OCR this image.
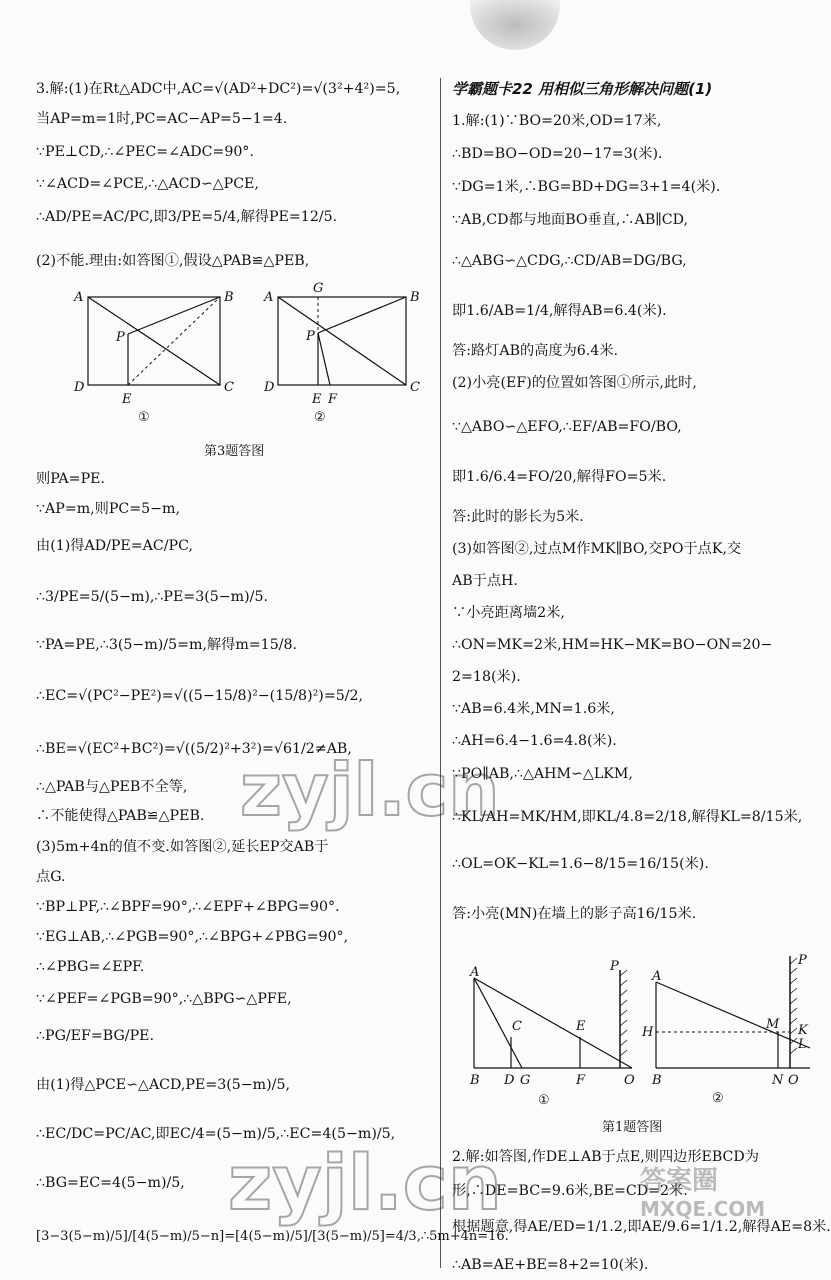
3.解:(1)在Rt△ADC中,AC=√(AD²+DC²)=√(3²+4²)=5,
当AP=m=1时,PC=AC−AP=5−1=4.
∵PE⊥CD,∴∠PEC=∠ADC=90°.
∵∠ACD=∠PCE,∴△ACD∽△PCE,
∴AD/PE=AC/PC,即3/PE=5/4,解得PE=12/5.
(2)不能.理由:如答图①,假设△PAB≌△PEB,
A	B
P
D	C
E
①
G
A	B
P
D	C
E F
②
第3题答图
则PA=PE.
∵AP=m,则PC=5−m,
由(1)得AD/PE=AC/PC,
∴3/PE=5/(5−m),∴PE=3(5−m)/5.
∵PA=PE,∴3(5−m)/5=m,解得m=15/8.
∴EC=√(PC²−PE²)=√((5−15/8)²−(15/8)²)=5/2,
∴BE=√(EC²+BC²)=√((5/2)²+3²)=√61/2≠AB,
∴△PAB与△PEB不全等,
∴不能使得△PAB≌△PEB.
(3)5m+4n的值不变.如答图②,延长EP交AB于
点G.
∵BP⊥PF,∴∠BPF=90°,∴∠EPF+∠BPG=90°.
∵EG⊥AB,∴∠PGB=90°,∴∠BPG+∠PBG=90°,
∴∠PBG=∠EPF.
∵∠PEF=∠PGB=90°,∴△BPG∽△PFE,
∴PG/EF=BG/PE.
由(1)得△PCE∽△ACD,PE=3(5−m)/5,
∴EC/DC=PC/AC,即EC/4=(5−m)/5,∴EC=4(5−m)/5,
∴BG=EC=4(5−m)/5,
[3−3(5−m)/5]/[4(5−m)/5−n]=[4(5−m)/5]/[3(5−m)/5]=4/3,∴5m+4n=16.
学霸题卡22 用相似三角形解决问题(1)
1.解:(1)∵BO=20米,OD=17米,
∴BD=BO−OD=20−17=3(米).
∵DG=1米,∴BG=BD+DG=3+1=4(米).
∵AB,CD都与地面BO垂直,∴AB∥CD,
∴△ABG∽△CDG,∴CD/AB=DG/BG,
即1.6/AB=1/4,解得AB=6.4(米).
答:路灯AB的高度为6.4米.
(2)小亮(EF)的位置如答图①所示,此时,
∵△ABO∽△EFO,∴EF/AB=FO/BO,
即1.6/6.4=FO/20,解得FO=5米.
答:此时的影长为5米.
(3)如答图②,过点M作MK∥BO,交PO于点K,交
AB于点H.
∵小亮距离墙2米,
∴ON=MK=2米,HM=HK−MK=BO−ON=20−
2=18(米).
∵AB=6.4米,MN=1.6米,
∴AH=6.4−1.6=4.8(米).
∵PO∥AB,∴△AHM∽△LKM,
∴KL/AH=MK/HM,即KL/4.8=2/18,解得KL=8/15米,
∴OL=OK−KL=1.6−8/15=16/15(米).
答:小亮(MN)在墙上的影子高16/15米.
A	P
C	E
B D G	F	O
①
A
P
H
M K
L
B	N O
②
第1题答图
2.解:如答图,作DE⊥AB于点E,则四边形EBCD为
形,∴DE=BC=9.6米,BE=CD=2米.
根据题意,得AE/ED=1/1.2,即AE/9.6=1/1.2,解得AE=8米.
∴AB=AE+BE=8+2=10(米).
zyjl.cn
zyjl.cn	答案圈
MXQE.COM
